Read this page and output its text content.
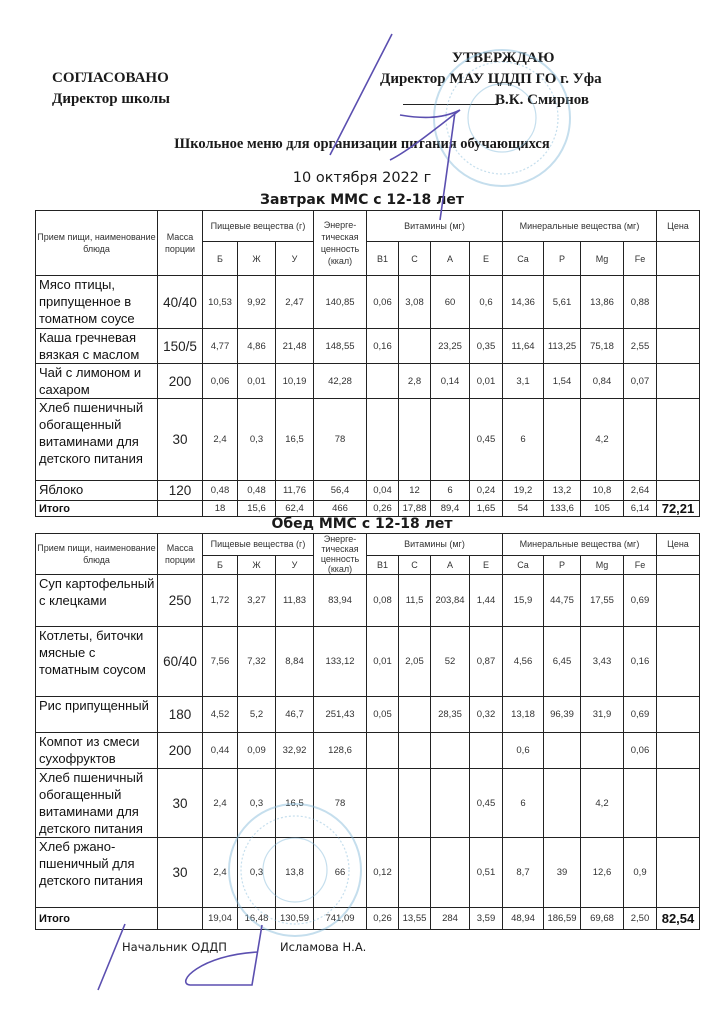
СОГЛАСОВАНО
Директор школы
УТВЕРЖДАЮ
Директор МАУ ЦДДП ГО г. Уфа
В.К. Смирнов
Школьное меню для организации питания обучающихся
10 октября 2022 г
Завтрак ММС с 12-18 лет
Прием пищи, наименование блюда	Масса порции	Пищевые вещества (г)			Энерге-тическая ценность (ккал)	Витамины (мг)				Минеральные вещества (мг)				Цена
		Б	Ж	У		B1	C	A	E	Ca	P	Mg	Fe	
Мясо птицы, припущенное в томатном соусе	40/40	10,53	9,92	2,47	140,85	0,06	3,08	60	0,6	14,36	5,61	13,86	0,88	
Каша гречневая вязкая с маслом	150/5	4,77	4,86	21,48	148,55	0,16		23,25	0,35	11,64	113,25	75,18	2,55	
Чай с лимоном и сахаром	200	0,06	0,01	10,19	42,28		2,8	0,14	0,01	3,1	1,54	0,84	0,07	
Хлеб пшеничный обогащенный витаминами для детского питания	30	2,4	0,3	16,5	78				0,45	6		4,2		
Яблоко	120	0,48	0,48	11,76	56,4	0,04	12	6	0,24	19,2	13,2	10,8	2,64	
Итого		18	15,6	62,4	466	0,26	17,88	89,4	1,65	54	133,6	105	6,14	72,21
Обед ММС с 12-18 лет
Прием пищи, наименование блюда	Масса порции	Пищевые вещества (г)			Энерге-тическая ценность (ккал)	Витамины (мг)				Минеральные вещества (мг)				Цена
		Б	Ж	У		B1	C	A	E	Ca	P	Mg	Fe	
Суп картофельный с клецками	250	1,72	3,27	11,83	83,94	0,08	11,5	203,84	1,44	15,9	44,75	17,55	0,69	
Котлеты, биточки мясные с томатным соусом	60/40	7,56	7,32	8,84	133,12	0,01	2,05	52	0,87	4,56	6,45	3,43	0,16	
Рис припущенный	180	4,52	5,2	46,7	251,43	0,05		28,35	0,32	13,18	96,39	31,9	0,69	
Компот из смеси сухофруктов	200	0,44	0,09	32,92	128,6					0,6			0,06	
Хлеб пшеничный обогащенный витаминами для детского питания	30	2,4	0,3	16,5	78				0,45	6		4,2		
Хлеб ржано-пшеничный для детского питания	30	2,4	0,3	13,8	66	0,12			0,51	8,7	39	12,6	0,9	
Итого		19,04	16,48	130,59	741,09	0,26	13,55	284	3,59	48,94	186,59	69,68	2,50	82,54
Начальник ОДДП	Исламова Н.А.
